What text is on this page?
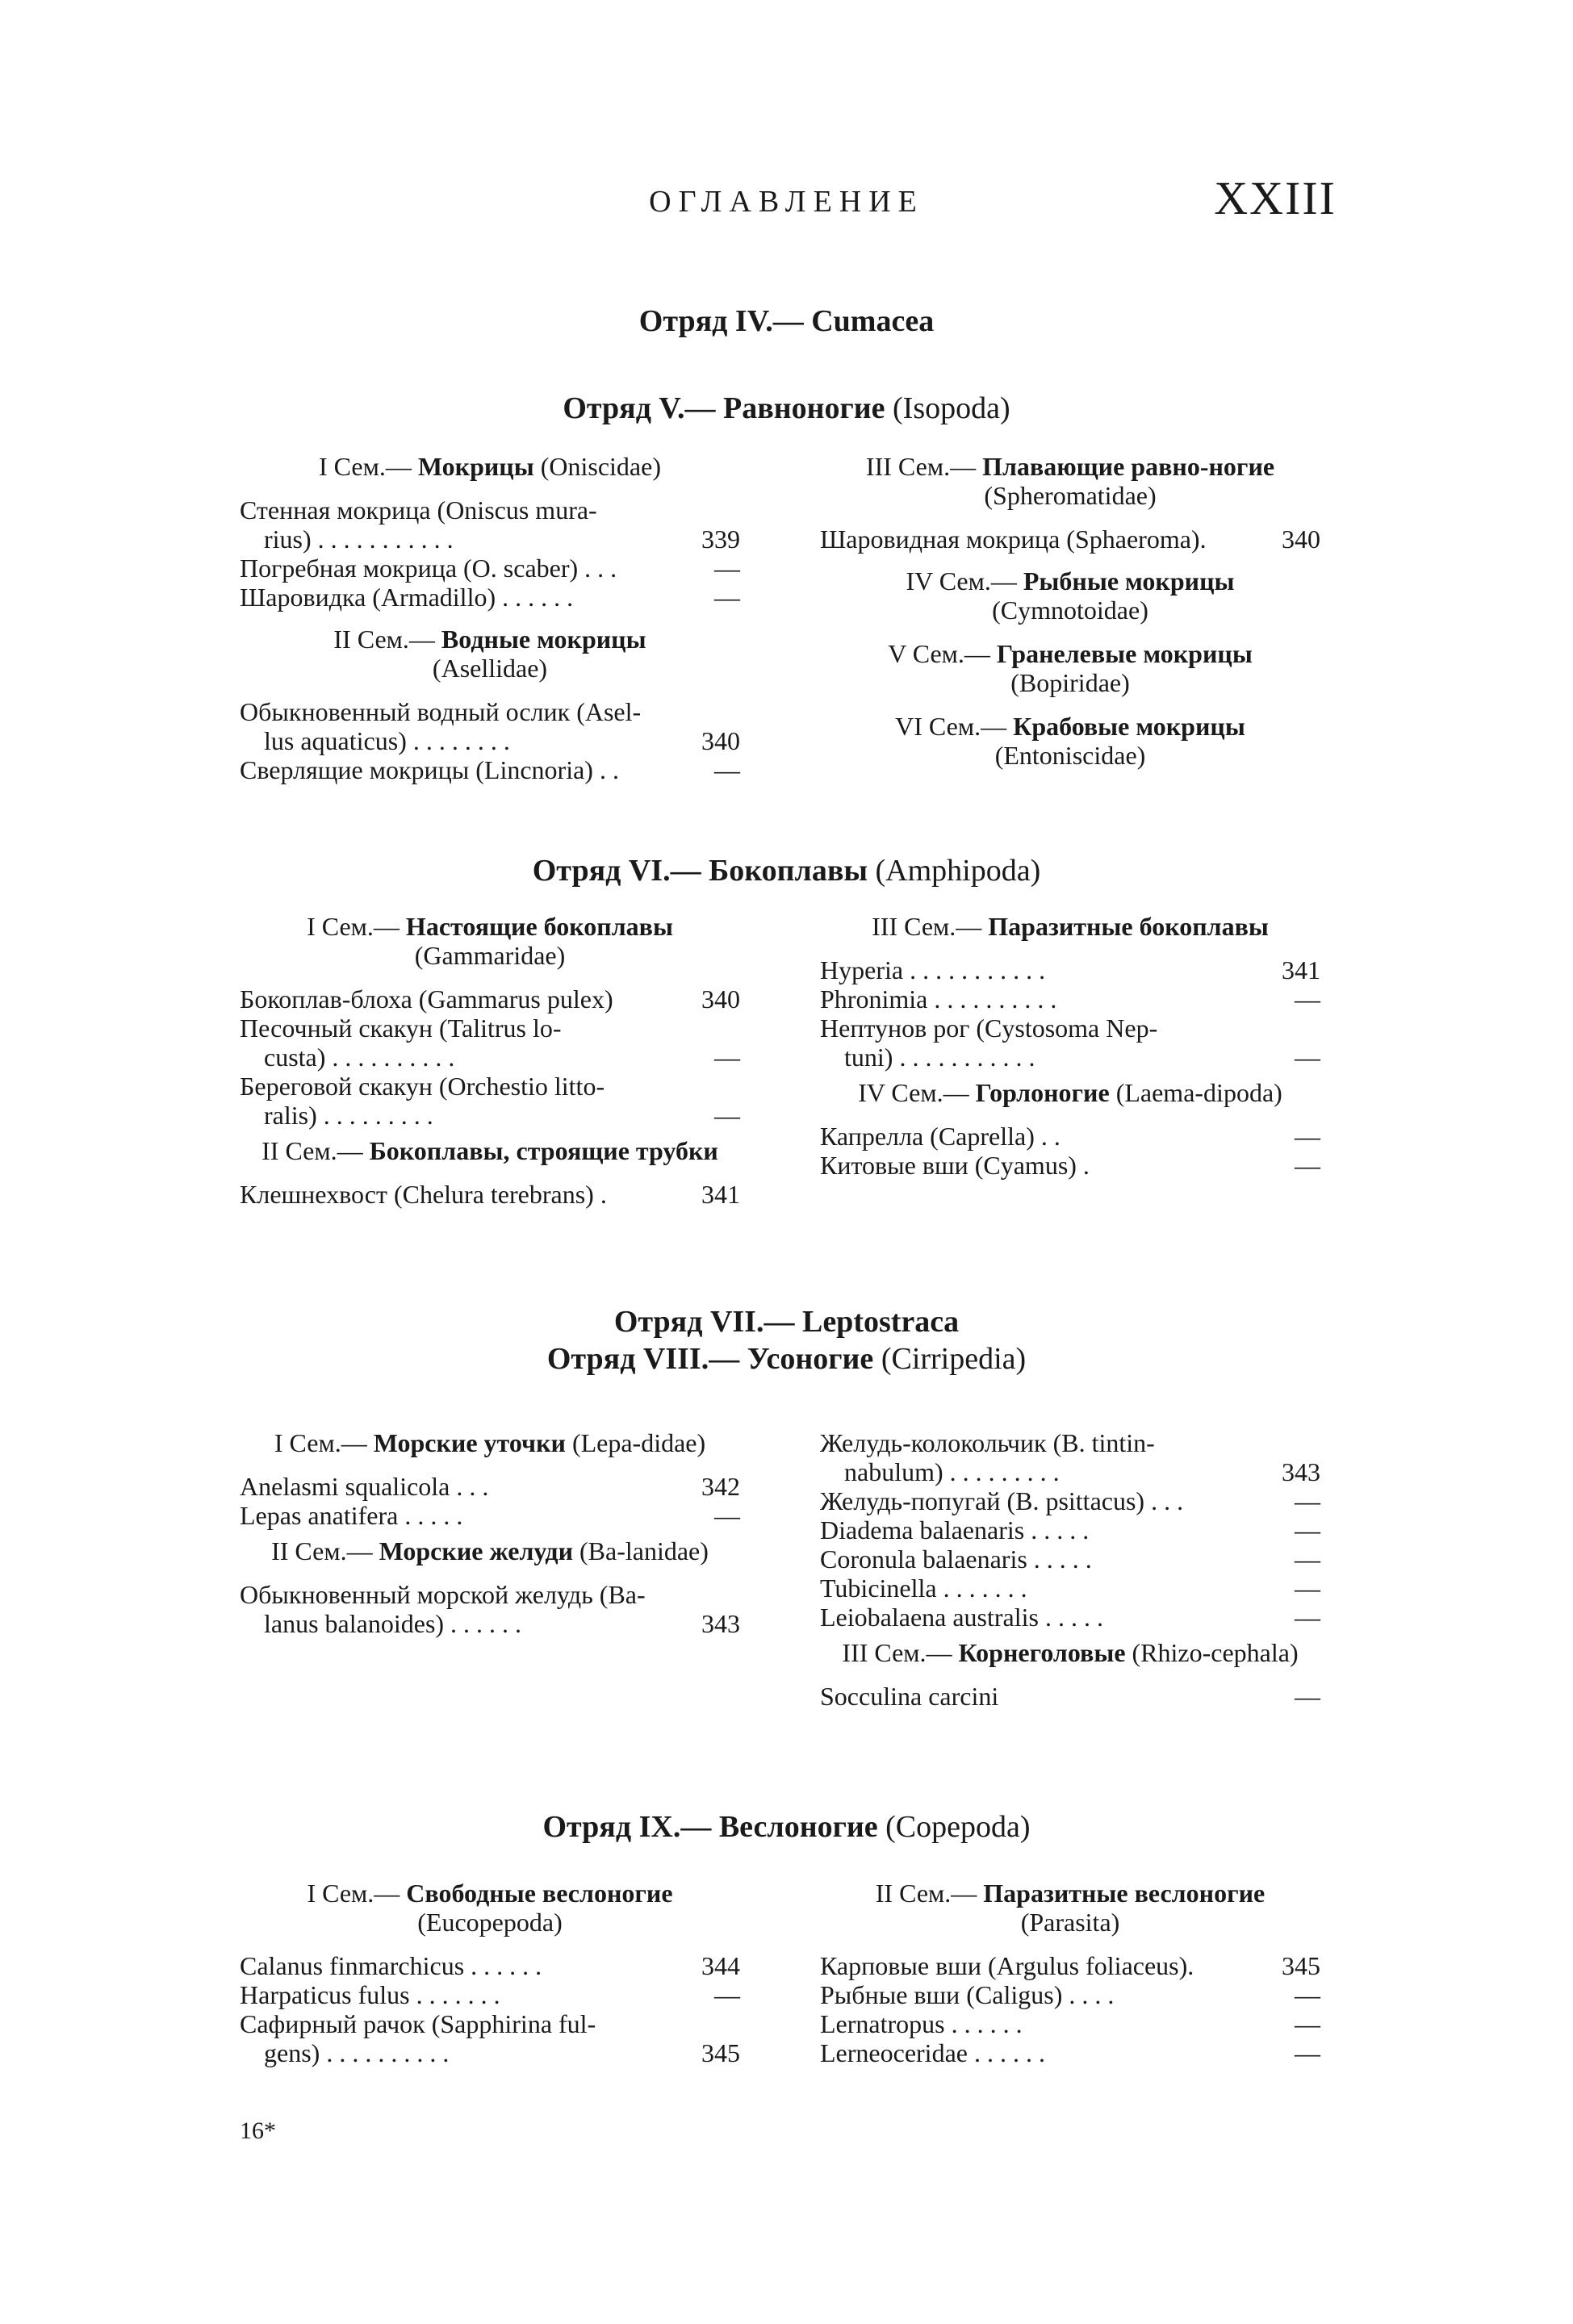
ОГЛАВЛЕНИЕ	XXIII
Отряд IV.— Cumacea
Отряд V.— Равноногие (Isopoda)
I Сем.— Мокрицы (Oniscidae)
Стенная мокрица (Oniscus mura-
rius) . . . . . . . . . . .	339
Погребная мокрица (O. scaber) . . .	—
Шаровидка (Armadillo) . . . . . .	—
II Сем.— Водные мокрицы
(Asellidae)
Обыкновенный водный ослик (Asel-
lus aquaticus) . . . . . . . .	340
Сверлящие мокрицы (Lincnoria) . .	—
III Сем.— Плавающие равно-ногие (Spheromatidae)
Шаровидная мокрица (Sphaeroma).	340
IV Сем.— Рыбные мокрицы
(Cymnotoidae)
V Сем.— Гранелевые мокрицы
(Bopiridae)
VI Сем.— Крабовые мокрицы
(Entoniscidae)
Отряд VI.— Бокоплавы (Amphipoda)
I Сем.— Настоящие бокоплавы
(Gammaridae)
Бокоплав-блоха (Gammarus pulex)	340
Песочный скакун (Talitrus lo-
custa) . . . . . . . . . .	—
Береговой скакун (Orchestio litto-
ralis) . . . . . . . . .	—
II Сем.— Бокоплавы, строящие трубки
Клешнехвост (Chelura terebrans) .	341
III Сем.— Паразитные бокоплавы
Hyperia . . . . . . . . . . .	341
Phronimia . . . . . . . . . .	—
Нептунов рог (Cystosoma Nep-
tuni) . . . . . . . . . . .	—
IV Сем.— Горлоногие (Laema-dipoda)
Капрелла (Caprella) . .	—
Китовые вши (Cyamus) .	—
Отряд VII.— Leptostraca
Отряд VIII.— Усоногие (Cirripedia)
I Сем.— Морские уточки (Lepa-didae)
Anelasmi squalicola . . .	342
Lepas anatifera . . . . .	—
II Сем.— Морские желуди (Ba-lanidae)
Обыкновенный морской желудь (Ba-
lanus balanoides) . . . . . .	343
Желудь-колокольчик (B. tintin-
nabulum) . . . . . . . . .	343
Желудь-попугай (B. psittacus) . . .	—
Diadema balaenaris . . . . .	—
Coronula balaenaris . . . . .	—
Tubicinella . . . . . . .	—
Leiobalaena australis . . . . .	—
III Сем.— Корнеголовые (Rhizo-cephala)
Socculina carcini	—
Отряд IX.— Веслоногие (Copepoda)
I Сем.— Свободные веслоногие
(Eucopepoda)
Calanus finmarchicus . . . . . .	344
Harpaticus fulus . . . . . . .	—
Сафирный рачок (Sapphirina ful-
gens) . . . . . . . . . .	345
II Сем.— Паразитные веслоногие
(Parasita)
Карповые вши (Argulus foliaceus).	345
Рыбные вши (Caligus) . . . .	—
Lernatropus . . . . . .	—
Lerneoceridae . . . . . .	—
16*
